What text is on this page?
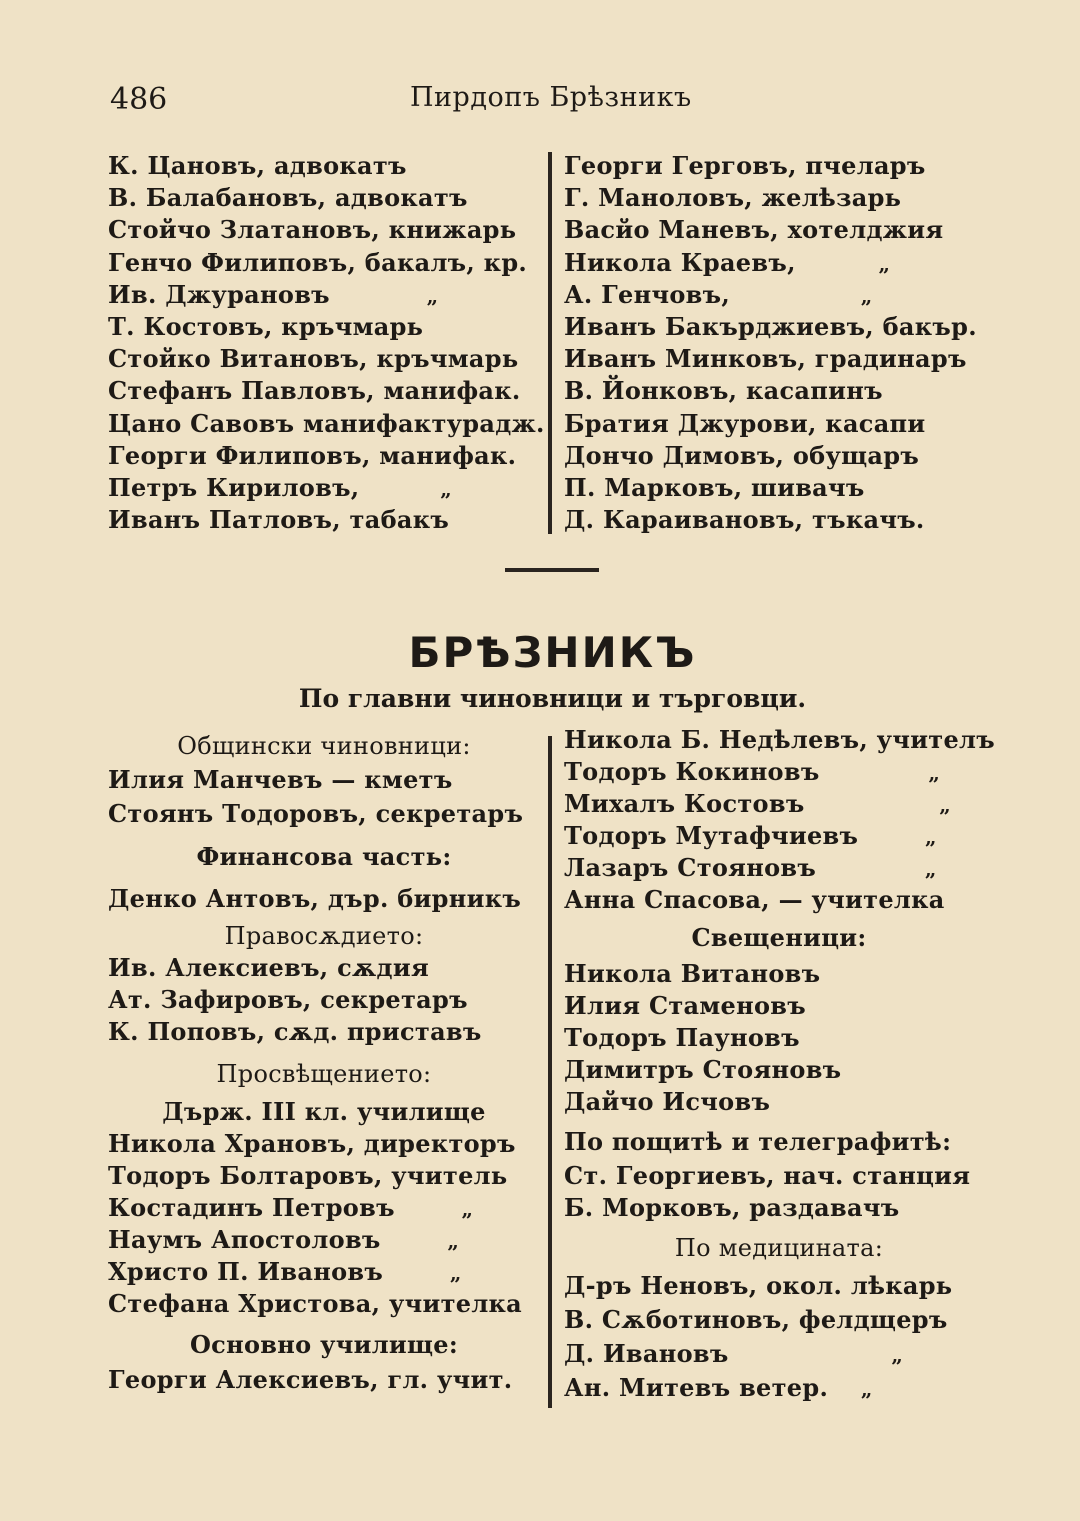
486	Пирдопъ Брѣзникъ
К. Цановъ, адвокатъ
В. Балабановъ, адвокатъ
Стойчо Златановъ, книжарь
Генчо Филиповъ, бакалъ, кр.
Ив. Джурановъ	„
Т. Костовъ, кръчмарь
Стойко Витановъ, кръчмарь
Стефанъ Павловъ, манифак.
Цано Савовъ манифактурадж.
Георги Филиповъ, манифак.
Петръ Кириловъ,	„
Иванъ Патловъ, табакъ
Георги Герговъ, пчеларъ
Г. Маноловъ, желѣзарь
Васйо Маневъ, хотелджия
Никола Краевъ,	„
А. Генчовъ,	„
Иванъ Бакърджиевъ, бакър.
Иванъ Минковъ, градинаръ
В. Йонковъ, касапинъ
Братия Джурови, касапи
Дончо Димовъ, обущаръ
П. Марковъ, шивачъ
Д. Караивановъ, тъкачъ.
БРѢЗНИКЪ
По главни чиновници и търговци.
Общински чиновници:
Илия Манчевъ — кметъ
Стоянъ Тодоровъ, секретаръ
Финансова часть:
Денко Антовъ, дър. бирникъ
Правосѫдието:
Ив. Алексиевъ, сѫдия
Ат. Зафировъ, секретаръ
К. Поповъ, сѫд. приставъ
Просвѣщението:
Държ. III кл. училище
Никола Храновъ, директоръ
Тодоръ Болтаровъ, учитель
Костадинъ Петровъ	„
Наумъ Апостоловъ	„
Христо П. Ивановъ	„
Стефана Христова, учителка
Основно училище:
Георги Алексиевъ, гл. учит.
Никола Б. Недѣлевъ, учителъ
Тодоръ Кокиновъ	„
Михалъ Костовъ	„
Тодоръ Мутафчиевъ	„
Лазаръ Стояновъ	„
Анна Спасова, — учителка
Свещеници:
Никола Витановъ
Илия Стаменовъ
Тодоръ Пауновъ
Димитръ Стояновъ
Дайчо Исчовъ
По пощитѣ и телеграфитѣ:
Ст. Георгиевъ, нач. станция
Б. Морковъ, раздавачъ
По медицината:
Д-ръ Неновъ, окол. лѣкарь
В. Сѫботиновъ, фелдщеръ
Д. Ивановъ	„
Ан. Митевъ ветер. „
